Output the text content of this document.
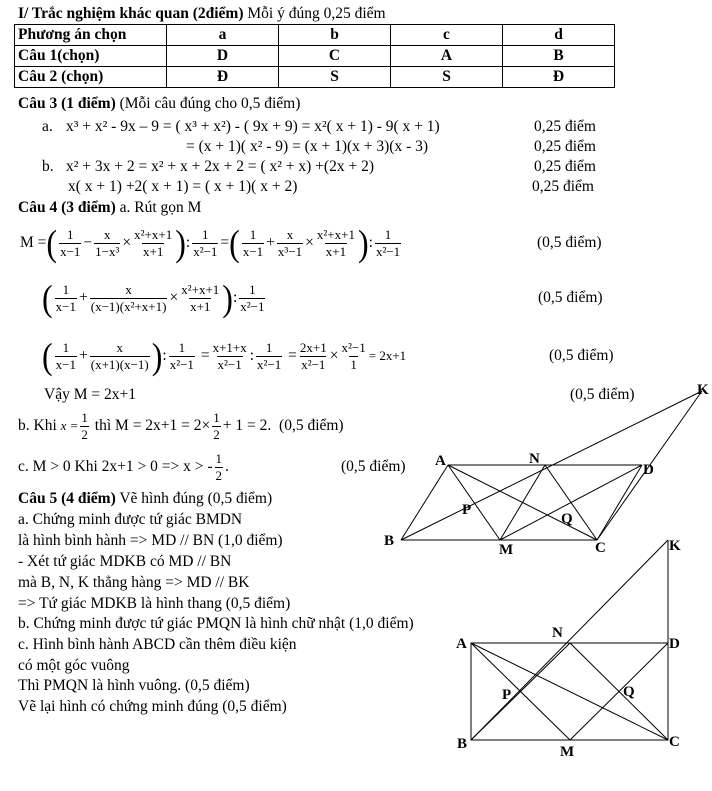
I/ Trắc nghiệm khác quan (2điểm) Mỗi ý đúng 0,25 điểm
Phương án chọn	a	b	c	d
Câu 1(chọn)	D	C	A	B
Câu 2 (chọn)	Đ	S	S	Đ
Câu 3 (1 điểm) (Mỗi câu đúng cho 0,5 điểm)
a. x³ + x² - 9x – 9 = ( x³ + x²) - ( 9x + 9) = x²( x + 1) - 9( x + 1)	0,25 điểm
= (x + 1)( x² - 9) = (x + 1)(x + 3)(x - 3)	0,25 điểm
b. x² + 3x + 2 = x² + x + 2x + 2 = ( x² + x) +(2x + 2)	0,25 điểm
x( x + 1) +2( x + 1) = ( x + 1)( x + 2)	0,25 điểm
Câu 4 (3 điểm) a. Rút gọn M
M
= ( $\frac{1}{x-1} - \frac{x}{\text{1−x³}} \times \frac{\text{x²+x+1}}{x+1}$ ) : $\frac{1}{\text{x²−1}}$ = ( $\frac{1}{x-1} + \frac{x}{\text{x³−1}} \times \frac{\text{x²+x+1}}{x+1}$ ) : $\frac{1}{\text{x²−1}}$	(0,5 điểm)
( $\frac{1}{x-1} + \frac{x}{\text{(x−1)(x²+x+1)}} \times \frac{\text{x²+x+1}}{x+1}$ ) : $\frac{1}{\text{x²−1}}$	(0,5 điểm)
( $\frac{1}{x-1} + \frac{x}{(x+1)(x-1)}$ ) : $\frac{1}{\text{x²−1}}$
= $\frac{x+1+x}{\text{x²−1}}$ : $\frac{1}{\text{x²−1}}$
= $\frac{2x+1}{\text{x²−1}} \times \frac{\text{x²−1}}{1} = 2x+1$	(0,5 điểm)
Vậy M = 2x+1	(0,5 điểm)
b. Khi
$x = \frac{1}{2}$
thì $M = 2x+1 = 2\times \frac{1}{2} + 1 = 2$.
(0,5 điểm)
c. M > 0 Khi 2x+1 > 0 => x > - $\frac{1}{2}$ .	(0,5 điểm)
Câu 5 (4 điểm) Vẽ hình đúng (0,5 điểm)
a. Chứng minh được tứ giác BMDN
là hình bình hành => MD // BN (1,0 điểm)
- Xét tứ giác MDKB có MD // BN
mà B, N, K thẳng hàng => MD // BK
=> Tứ giác MDKB là hình thang (0,5 điểm)
b. Chứng minh được tứ giác PMQN là hình chữ nhật (1,0 điểm)
c. Hình bình hành ABCD cần thêm điều kiện
có một góc vuông
Thì PMQN là hình vuông. (0,5 điểm)
Vẽ lại hình có chứng minh đúng (0,5 điểm)
A
B	C
D
K
M
N
P
Q
A
B	C
D
K
M
N
P	Q
